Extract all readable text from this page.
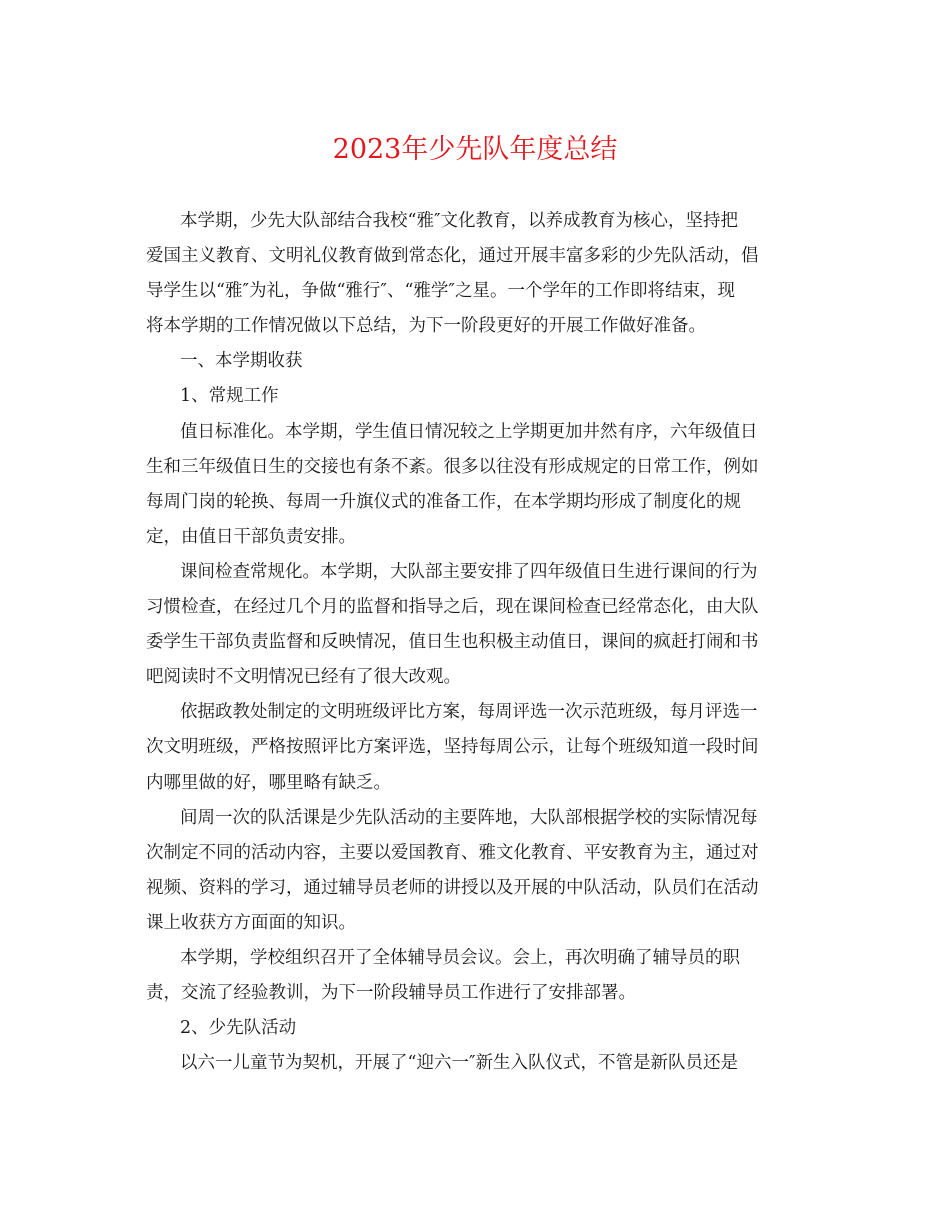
2023年少先队年度总结
本学期，少先大队部结合我校“雅″文化教育，以养成教育为核心，坚持把
爱国主义教育、文明礼仪教育做到常态化，通过开展丰富多彩的少先队活动，倡
导学生以“雅″为礼，争做“雅行″、“雅学″之星。一个学年的工作即将结束，现
将本学期的工作情况做以下总结，为下一阶段更好的开展工作做好准备。
一、本学期收获
1、常规工作
值日标准化。本学期，学生值日情况较之上学期更加井然有序，六年级值日
生和三年级值日生的交接也有条不紊。很多以往没有形成规定的日常工作，例如
每周门岗的轮换、每周一升旗仪式的准备工作，在本学期均形成了制度化的规
定，由值日干部负责安排。
课间检查常规化。本学期，大队部主要安排了四年级值日生进行课间的行为
习惯检查，在经过几个月的监督和指导之后，现在课间检查已经常态化，由大队
委学生干部负责监督和反映情况，值日生也积极主动值日，课间的疯赶打闹和书
吧阅读时不文明情况已经有了很大改观。
依据政教处制定的文明班级评比方案，每周评选一次示范班级，每月评选一
次文明班级，严格按照评比方案评选，坚持每周公示，让每个班级知道一段时间
内哪里做的好，哪里略有缺乏。
间周一次的队活课是少先队活动的主要阵地，大队部根据学校的实际情况每
次制定不同的活动内容，主要以爱国教育、雅文化教育、平安教育为主，通过对
视频、资料的学习，通过辅导员老师的讲授以及开展的中队活动，队员们在活动
课上收获方方面面的知识。
本学期，学校组织召开了全体辅导员会议。会上，再次明确了辅导员的职
责，交流了经验教训，为下一阶段辅导员工作进行了安排部署。
2、少先队活动
以六一儿童节为契机，开展了“迎六一″新生入队仪式，不管是新队员还是
